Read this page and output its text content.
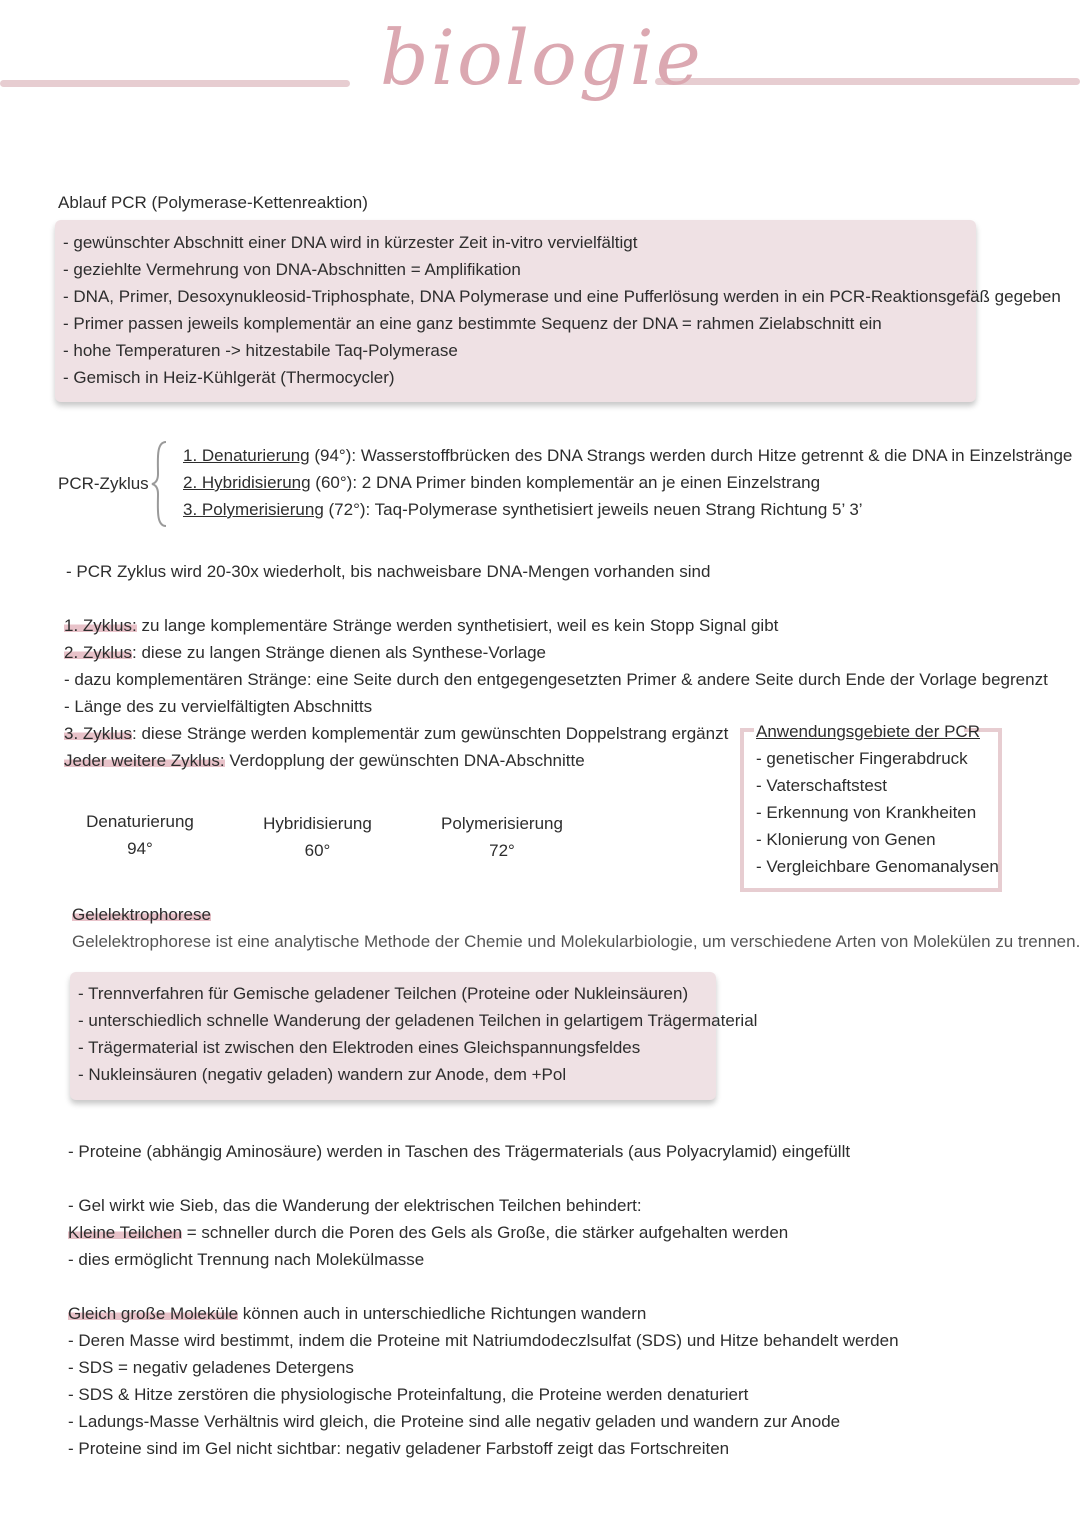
biologie
Ablauf PCR (Polymerase-Kettenreaktion)
- gewünschter Abschnitt einer DNA wird in kürzester Zeit in-vitro vervielfältigt
- geziehlte Vermehrung von DNA-Abschnitten = Amplifikation
- DNA, Primer, Desoxynukleosid-Triphosphate, DNA Polymerase und eine Pufferlösung werden in ein PCR-Reaktionsgefäß gegeben
- Primer passen jeweils komplementär an eine ganz bestimmte Sequenz der DNA = rahmen Zielabschnitt ein
- hohe Temperaturen -> hitzestabile Taq-Polymerase
- Gemisch in Heiz-Kühlgerät (Thermocycler)
PCR-Zyklus
1. Denaturierung (94°): Wasserstoffbrücken des DNA Strangs werden durch Hitze getrennt & die DNA in Einzelstränge
2. Hybridisierung (60°): 2 DNA Primer binden komplementär an je einen Einzelstrang
3. Polymerisierung (72°): Taq-Polymerase synthetisiert jeweils neuen Strang Richtung 5’ 3’
- PCR Zyklus wird 20-30x wiederholt, bis nachweisbare DNA-Mengen vorhanden sind
1. Zyklus: zu lange komplementäre Stränge werden synthetisiert, weil es kein Stopp Signal gibt
2. Zyklus: diese zu langen Stränge dienen als Synthese-Vorlage
- dazu komplementären Stränge: eine Seite durch den entgegengesetzten Primer & andere Seite durch Ende der Vorlage begrenzt
- Länge des zu vervielfältigten Abschnitts
3. Zyklus: diese Stränge werden komplementär zum gewünschten Doppelstrang ergänzt
Jeder weitere Zyklus: Verdopplung der gewünschten DNA-Abschnitte
Denaturierung
94°
Hybridisierung
60°
Polymerisierung
72°
Anwendungsgebiete der PCR
- genetischer Fingerabdruck
- Vaterschaftstest
- Erkennung von Krankheiten
- Klonierung von Genen
- Vergleichbare Genomanalysen
Gelelektrophorese
Gelelektrophorese ist eine analytische Methode der Chemie und Molekularbiologie, um verschiedene Arten von Molekülen zu trennen.
- Trennverfahren für Gemische geladener Teilchen (Proteine oder Nukleinsäuren)
- unterschiedlich schnelle Wanderung der geladenen Teilchen in gelartigem Trägermaterial
- Trägermaterial ist zwischen den Elektroden eines Gleichspannungsfeldes
- Nukleinsäuren (negativ geladen) wandern zur Anode, dem +Pol
- Proteine (abhängig Aminosäure) werden in Taschen des Trägermaterials (aus Polyacrylamid) eingefüllt
- Gel wirkt wie Sieb, das die Wanderung der elektrischen Teilchen behindert:
Kleine Teilchen = schneller durch die Poren des Gels als Große, die stärker aufgehalten werden
- dies ermöglicht Trennung nach Molekülmasse
Gleich große Moleküle können auch in unterschiedliche Richtungen wandern
- Deren Masse wird bestimmt, indem die Proteine mit Natriumdodeczlsulfat (SDS) und Hitze behandelt werden
- SDS = negativ geladenes Detergens
- SDS & Hitze zerstören die physiologische Proteinfaltung, die Proteine werden denaturiert
- Ladungs-Masse Verhältnis wird gleich, die Proteine sind alle negativ geladen und wandern zur Anode
- Proteine sind im Gel nicht sichtbar: negativ geladener Farbstoff zeigt das Fortschreiten
